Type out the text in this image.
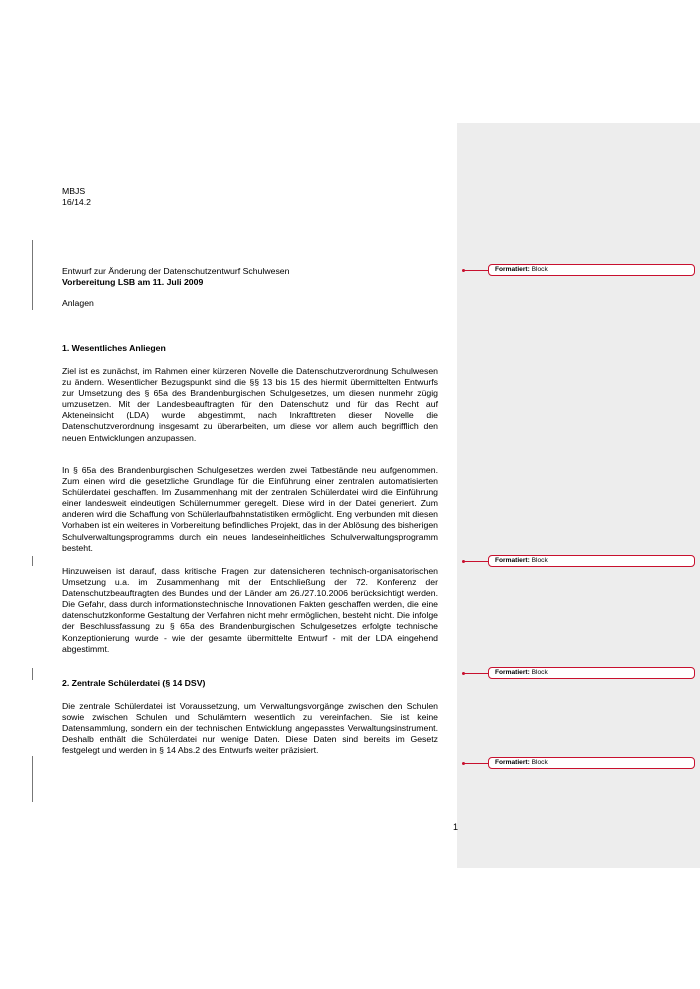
MBJS
16/14.2
Entwurf zur Änderung der Datenschutzentwurf Schulwesen
Vorbereitung LSB am 11. Juli 2009
Anlagen
1. Wesentliches Anliegen
Ziel ist es zunächst, im Rahmen einer kürzeren Novelle die Datenschutzverordnung Schulwesen zu ändern. Wesentlicher Bezugspunkt sind die §§ 13 bis 15 des hiermit übermittelten Entwurfs zur Umsetzung des § 65a des Brandenburgischen Schulgesetzes, um diesen nunmehr zügig umzusetzen. Mit der Landesbeauftragten für den Datenschutz und für das Recht auf Akteneinsicht (LDA) wurde abgestimmt, nach Inkrafttreten dieser Novelle die Datenschutzverordnung insgesamt zu überarbeiten, um diese vor allem auch begrifflich den neuen Entwicklungen anzupassen.
In § 65a des Brandenburgischen Schulgesetzes werden zwei Tatbestände neu aufgenommen. Zum einen wird die gesetzliche Grundlage für die Einführung einer zentralen automatisierten Schülerdatei geschaffen. Im Zusammenhang mit der zentralen Schülerdatei wird die Einführung einer landesweit eindeutigen Schülernummer geregelt. Diese wird in der Datei generiert. Zum anderen wird die Schaffung von Schülerlaufbahnstatistiken ermöglicht. Eng verbunden mit diesen Vorhaben ist ein weiteres in Vorbereitung befindliches Projekt, das in der Ablösung des bisherigen Schulverwaltungsprogramms durch ein neues landeseinheitliches Schulverwaltungsprogramm besteht.
Hinzuweisen ist darauf, dass kritische Fragen zur datensicheren technisch-organisatorischen Umsetzung u.a. im Zusammenhang mit der Entschließung der 72. Konferenz der Datenschutzbeauftragten des Bundes und der Länder am 26./27.10.2006 berücksichtigt werden. Die Gefahr, dass durch informationstechnische Innovationen Fakten geschaffen werden, die eine datenschutzkonforme Gestaltung der Verfahren nicht mehr ermöglichen, besteht nicht. Die infolge der Beschlussfassung zu § 65a des Brandenburgischen Schulgesetzes erfolgte technische Konzeptionierung wurde - wie der gesamte übermittelte Entwurf - mit der LDA eingehend abgestimmt.
2. Zentrale Schülerdatei (§ 14 DSV)
Die zentrale Schülerdatei ist Voraussetzung, um Verwaltungsvorgänge zwischen den Schulen sowie zwischen Schulen und Schulämtern wesentlich zu vereinfachen. Sie ist keine Datensammlung, sondern ein der technischen Entwicklung angepasstes Verwaltungsinstrument. Deshalb enthält die Schülerdatei nur wenige Daten. Diese Daten sind bereits im Gesetz festgelegt und werden in § 14 Abs.2 des Entwurfs weiter präzisiert.
1
Formatiert: Block
Formatiert: Block
Formatiert: Block
Formatiert: Block
